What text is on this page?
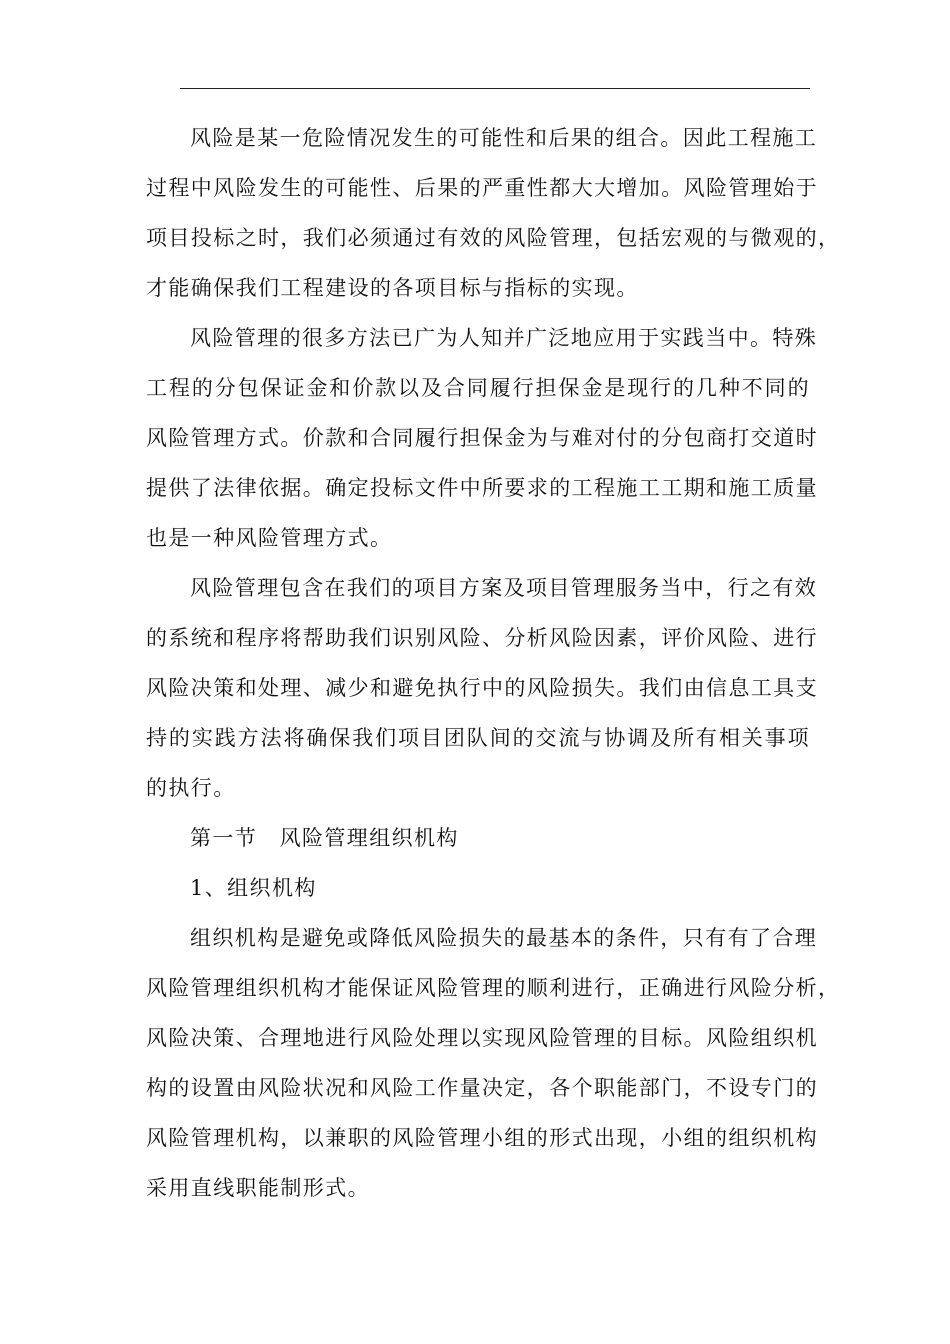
风险是某一危险情况发生的可能性和后果的组合。因此工程施工
过程中风险发生的可能性、后果的严重性都大大增加。风险管理始于
项目投标之时，我们必须通过有效的风险管理，包括宏观的与微观的，
才能确保我们工程建设的各项目标与指标的实现。
风险管理的很多方法已广为人知并广泛地应用于实践当中。特殊
工程的分包保证金和价款以及合同履行担保金是现行的几种不同的
风险管理方式。价款和合同履行担保金为与难对付的分包商打交道时
提供了法律依据。确定投标文件中所要求的工程施工工期和施工质量
也是一种风险管理方式。
风险管理包含在我们的项目方案及项目管理服务当中，行之有效
的系统和程序将帮助我们识别风险、分析风险因素，评价风险、进行
风险决策和处理、减少和避免执行中的风险损失。我们由信息工具支
持的实践方法将确保我们项目团队间的交流与协调及所有相关事项
的执行。
第一节　风险管理组织机构
1、组织机构
组织机构是避免或降低风险损失的最基本的条件，只有有了合理
风险管理组织机构才能保证风险管理的顺利进行，正确进行风险分析，
风险决策、合理地进行风险处理以实现风险管理的目标。风险组织机
构的设置由风险状况和风险工作量决定，各个职能部门，不设专门的
风险管理机构，以兼职的风险管理小组的形式出现，小组的组织机构
采用直线职能制形式。
